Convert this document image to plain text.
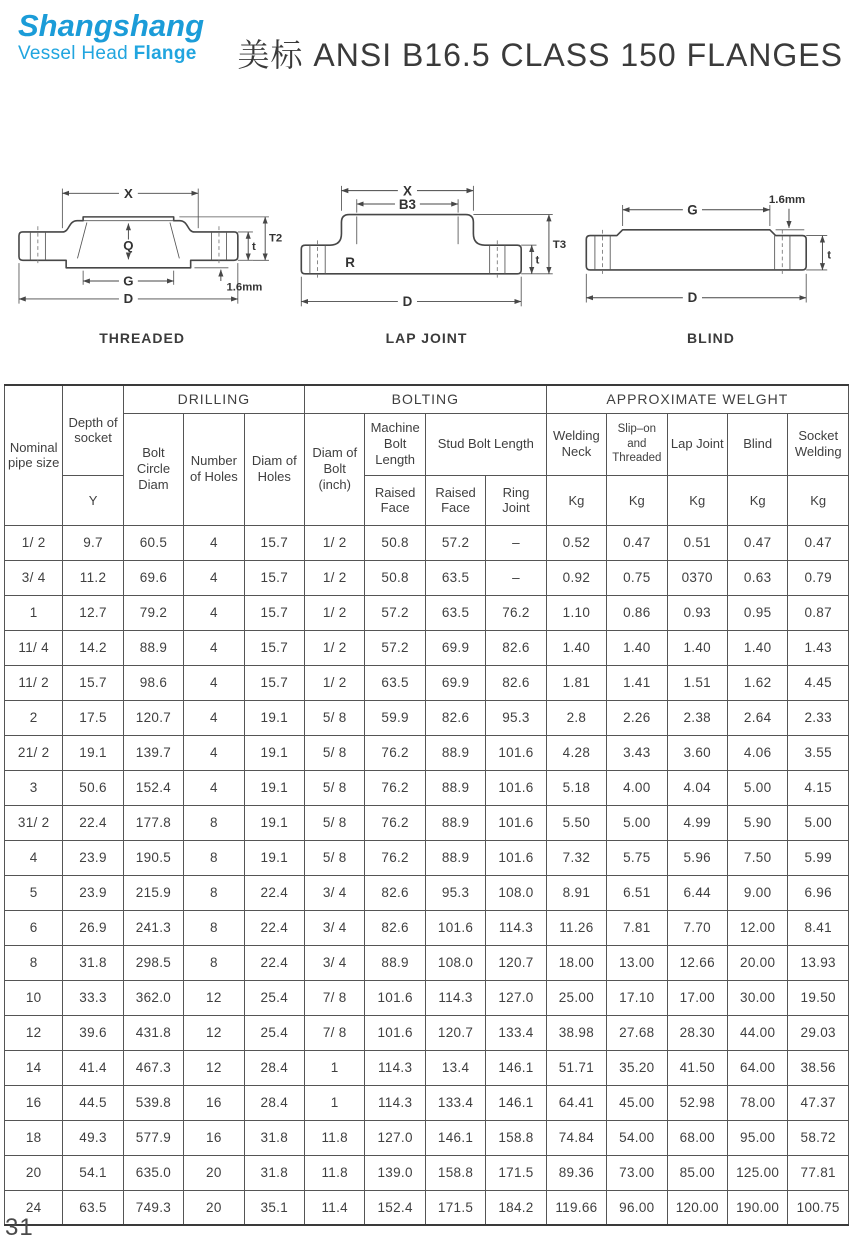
Shangshang
Vessel Head Flange	美标 ANSI B16.5 CLASS 150 FLANGES
X
Q
G
D
t
T2
1.6mm
THREADED
X
B3
R
D
t
T3
LAP JOINT
G
1.6mm
t
D
BLIND
Nominal pipe size	Depth of socket	DRILLING			BOLTING				APPROXIMATE WELGHT				
		Bolt Circle Diam	Number of Holes	Diam of Holes	Diam of Bolt (inch)	Machine Bolt Length	Stud Bolt Length		Welding Neck	Slip–on and Threaded	Lap Joint	Blind	Socket Welding
	Y					Raised Face	Raised Face	Ring Joint	Kg	Kg	Kg	Kg	Kg
1/ 2	9.7	60.5	4	15.7	1/ 2	50.8	57.2	–	0.52	0.47	0.51	0.47	0.47
3/ 4	11.2	69.6	4	15.7	1/ 2	50.8	63.5	–	0.92	0.75	0370	0.63	0.79
1	12.7	79.2	4	15.7	1/ 2	57.2	63.5	76.2	1.10	0.86	0.93	0.95	0.87
11/ 4	14.2	88.9	4	15.7	1/ 2	57.2	69.9	82.6	1.40	1.40	1.40	1.40	1.43
11/ 2	15.7	98.6	4	15.7	1/ 2	63.5	69.9	82.6	1.81	1.41	1.51	1.62	4.45
2	17.5	120.7	4	19.1	5/ 8	59.9	82.6	95.3	2.8	2.26	2.38	2.64	2.33
21/ 2	19.1	139.7	4	19.1	5/ 8	76.2	88.9	101.6	4.28	3.43	3.60	4.06	3.55
3	50.6	152.4	4	19.1	5/ 8	76.2	88.9	101.6	5.18	4.00	4.04	5.00	4.15
31/ 2	22.4	177.8	8	19.1	5/ 8	76.2	88.9	101.6	5.50	5.00	4.99	5.90	5.00
4	23.9	190.5	8	19.1	5/ 8	76.2	88.9	101.6	7.32	5.75	5.96	7.50	5.99
5	23.9	215.9	8	22.4	3/ 4	82.6	95.3	108.0	8.91	6.51	6.44	9.00	6.96
6	26.9	241.3	8	22.4	3/ 4	82.6	101.6	114.3	11.26	7.81	7.70	12.00	8.41
8	31.8	298.5	8	22.4	3/ 4	88.9	108.0	120.7	18.00	13.00	12.66	20.00	13.93
10	33.3	362.0	12	25.4	7/ 8	101.6	114.3	127.0	25.00	17.10	17.00	30.00	19.50
12	39.6	431.8	12	25.4	7/ 8	101.6	120.7	133.4	38.98	27.68	28.30	44.00	29.03
14	41.4	467.3	12	28.4	1	114.3	13.4	146.1	51.71	35.20	41.50	64.00	38.56
16	44.5	539.8	16	28.4	1	114.3	133.4	146.1	64.41	45.00	52.98	78.00	47.37
18	49.3	577.9	16	31.8	11.8	127.0	146.1	158.8	74.84	54.00	68.00	95.00	58.72
20	54.1	635.0	20	31.8	11.8	139.0	158.8	171.5	89.36	73.00	85.00	125.00	77.81
24	63.5	749.3	20	35.1	11.4	152.4	171.5	184.2	119.66	96.00	120.00	190.00	100.75
31
